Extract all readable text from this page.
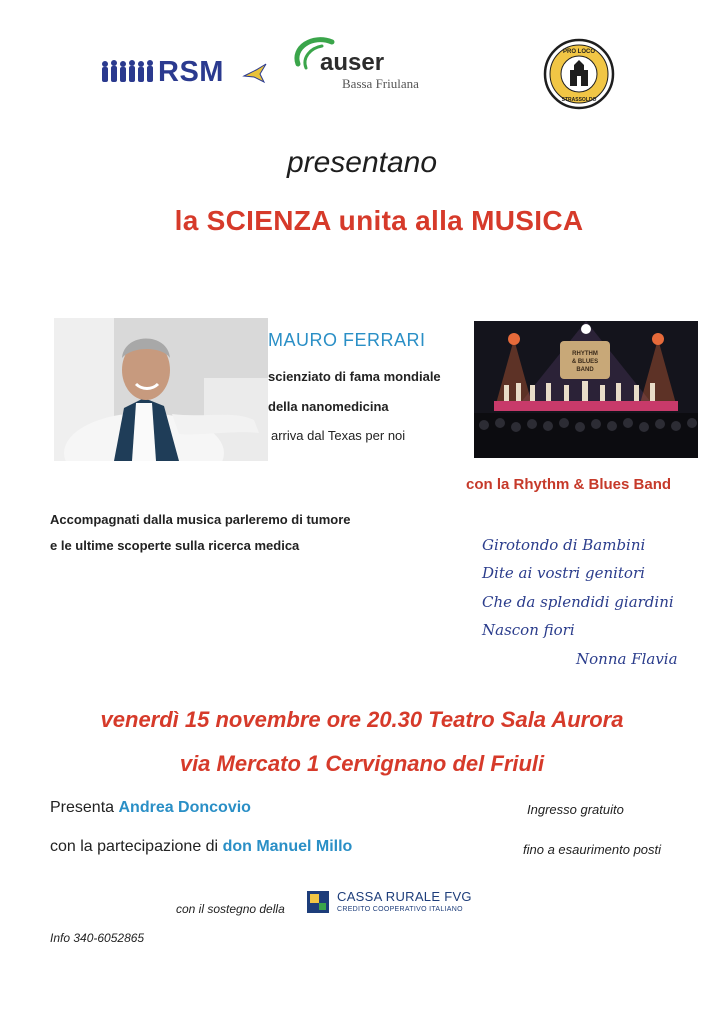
RSM	auser
Bassa Friulana
PRO LOCO
STRASSOLDO
presentano
la SCIENZA unita alla MUSICA
MAURO FERRARI
scienziato di fama mondiale
della nanomedicina
arriva dal Texas per noi
RHYTHM
& BLUES
BAND
con la Rhythm & Blues Band
Accompagnati dalla musica parleremo di tumore
e le ultime scoperte sulla ricerca medica	Girotondo di Bambini
Dite ai vostri genitori
Che da splendidi giardini
Nascon fiori
Nonna Flavia
venerdì 15 novembre ore 20.30 Teatro Sala Aurora
via Mercato 1 Cervignano del Friuli
Presenta Andrea Doncovio
con la partecipazione di don Manuel Millo
Ingresso gratuito
fino a esaurimento posti
con il sostegno della
CASSA RURALE FVG
CREDITO COOPERATIVO ITALIANO
Info 340-6052865
